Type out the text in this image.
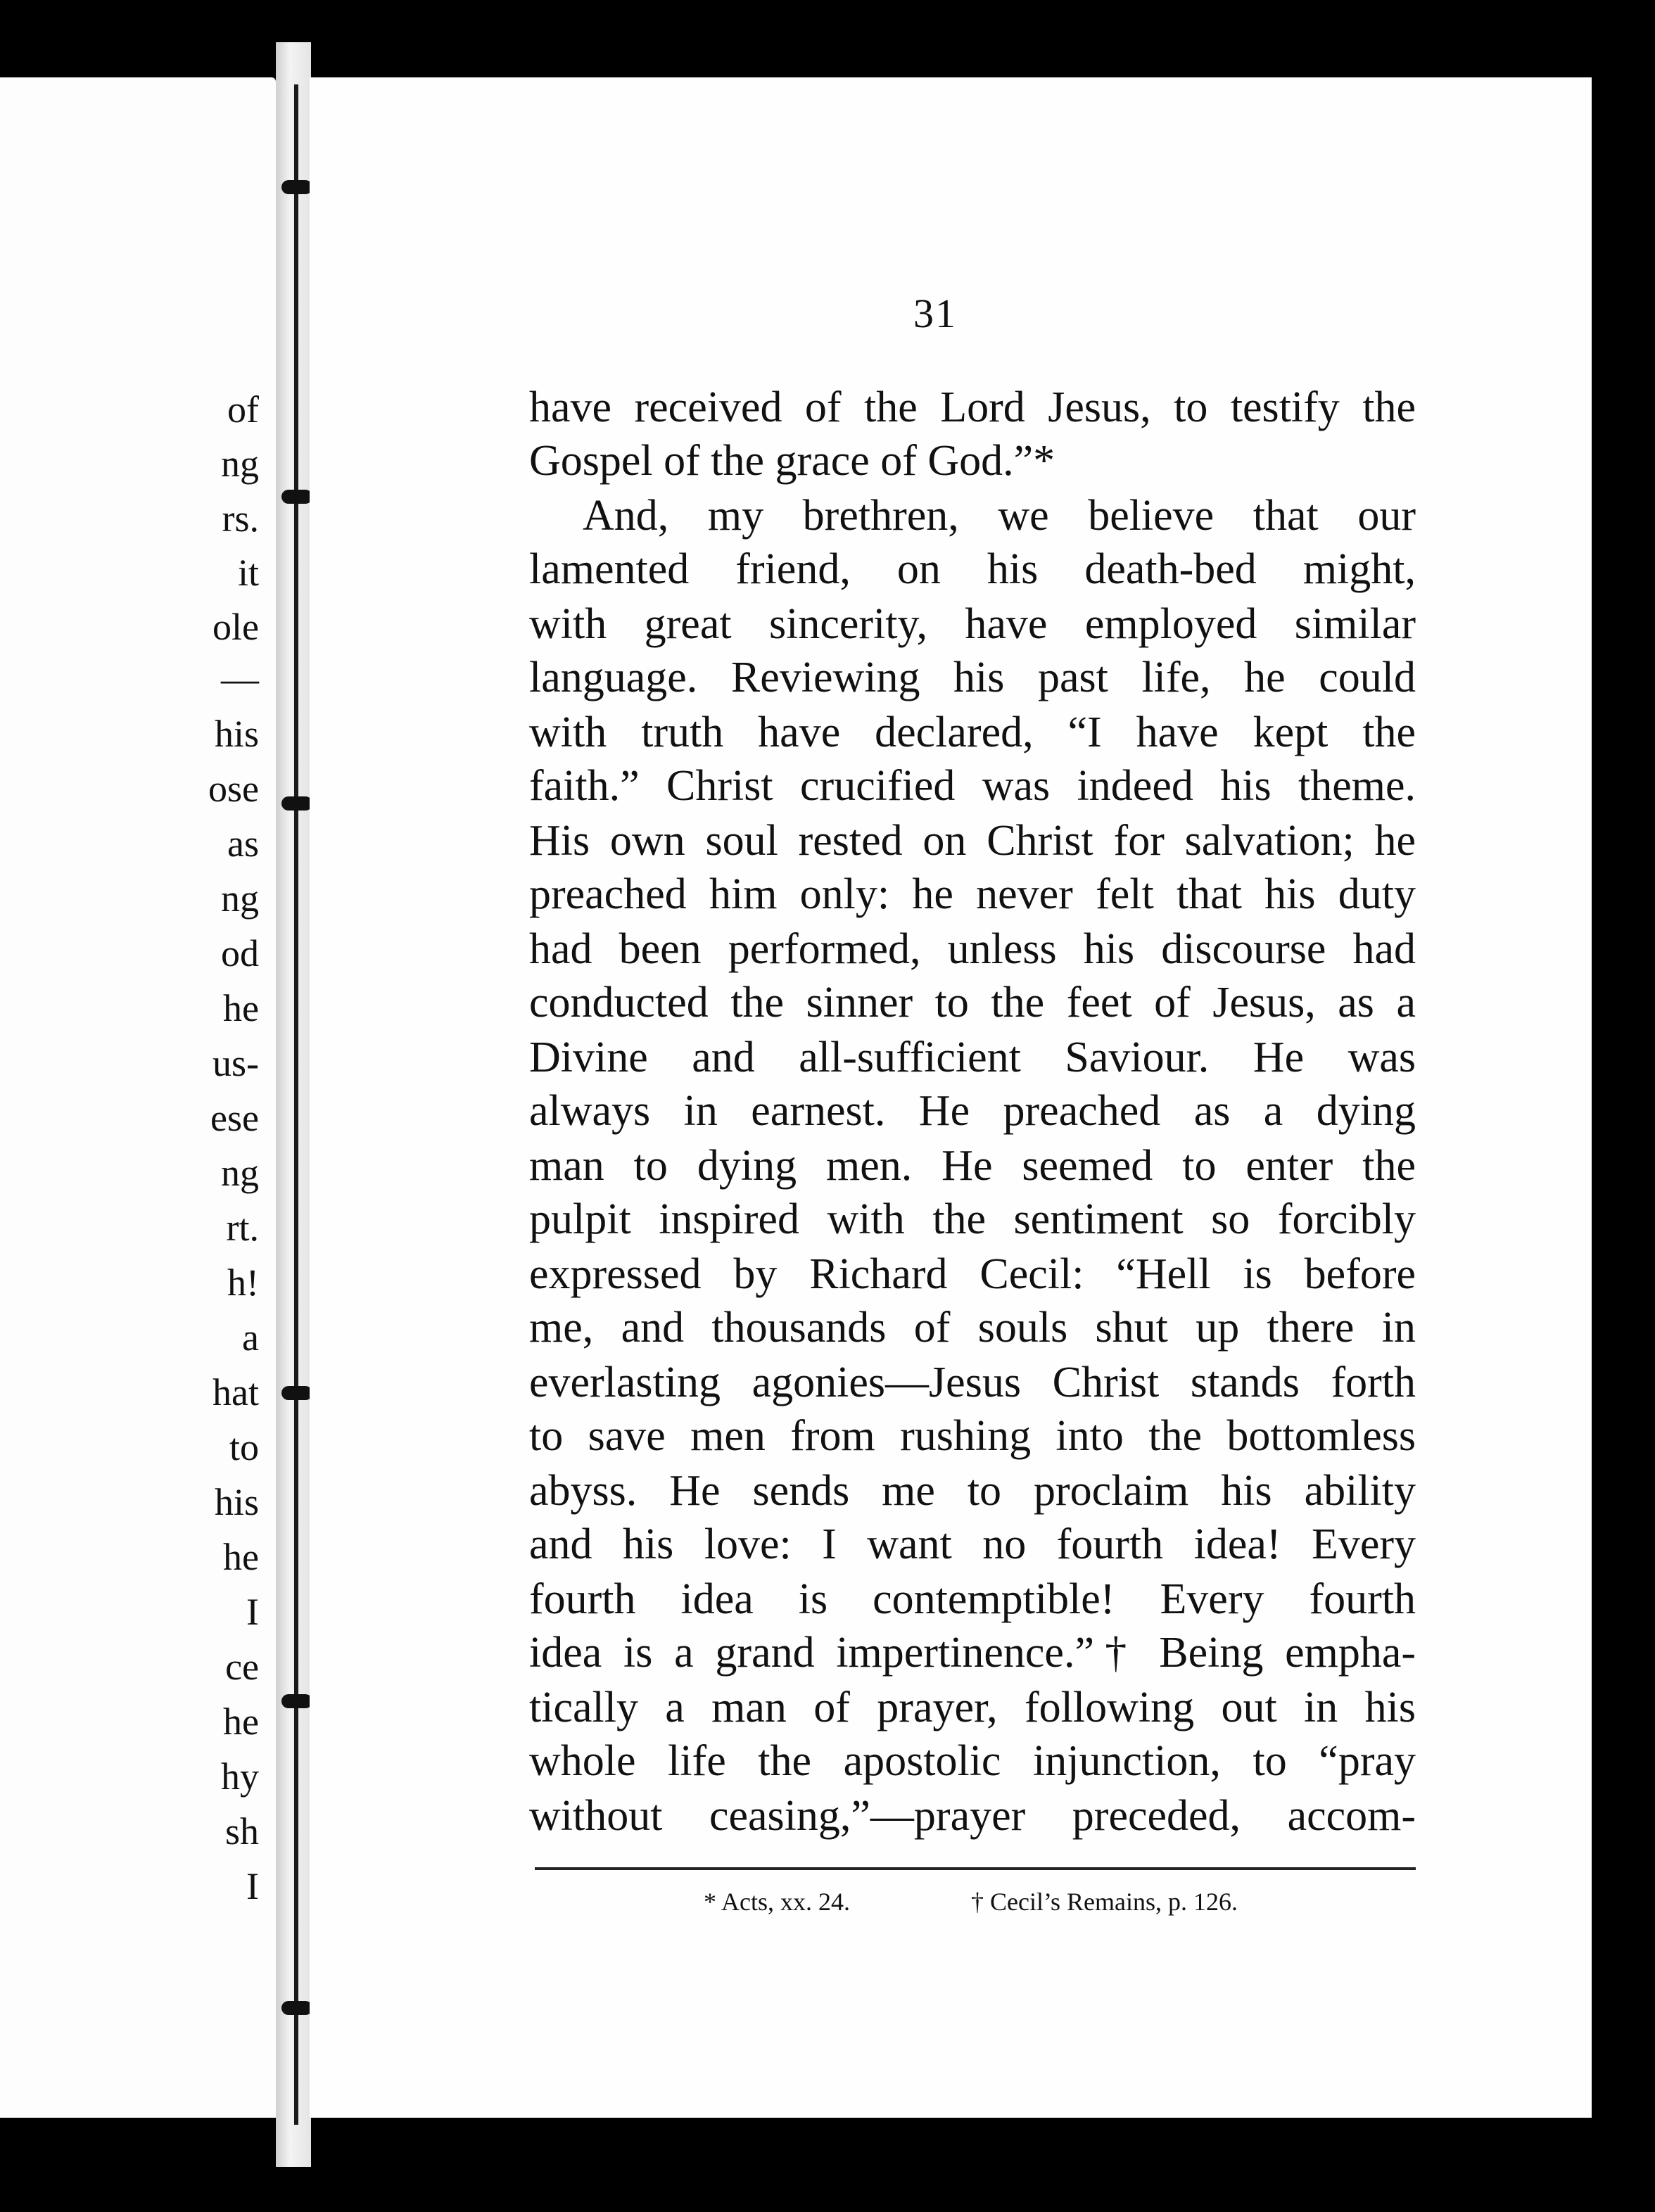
of
ng
rs.
it
ole
—
his
ose
as
ng
od
he
us-
ese
ng
rt.
h!
a
hat
to
his
he
I
ce
he
hy
sh
I
31
have received of the Lord Jesus, to testify the
Gospel of the grace of God.”*
And, my brethren, we believe that our
lamented friend, on his death-bed might,
with great sincerity, have employed similar
language. Reviewing his past life, he could
with truth have declared, “I have kept the
faith.” Christ crucified was indeed his theme.
His own soul rested on Christ for salvation; he
preached him only: he never felt that his duty
had been performed, unless his discourse had
conducted the sinner to the feet of Jesus, as a
Divine and all-sufficient Saviour. He was
always in earnest. He preached as a dying
man to dying men. He seemed to enter the
pulpit inspired with the sentiment so forcibly
expressed by Richard Cecil: “Hell is before
me, and thousands of souls shut up there in
everlasting agonies—Jesus Christ stands forth
to save men from rushing into the bottomless
abyss. He sends me to proclaim his ability
and his love: I want no fourth idea! Every
fourth idea is contemptible! Every fourth
idea is a grand impertinence.”† Being empha-
tically a man of prayer, following out in his
whole life the apostolic injunction, to “pray
without ceasing,”—prayer preceded, accom-
* Acts, xx. 24.	† Cecil’s Remains, p. 126.
